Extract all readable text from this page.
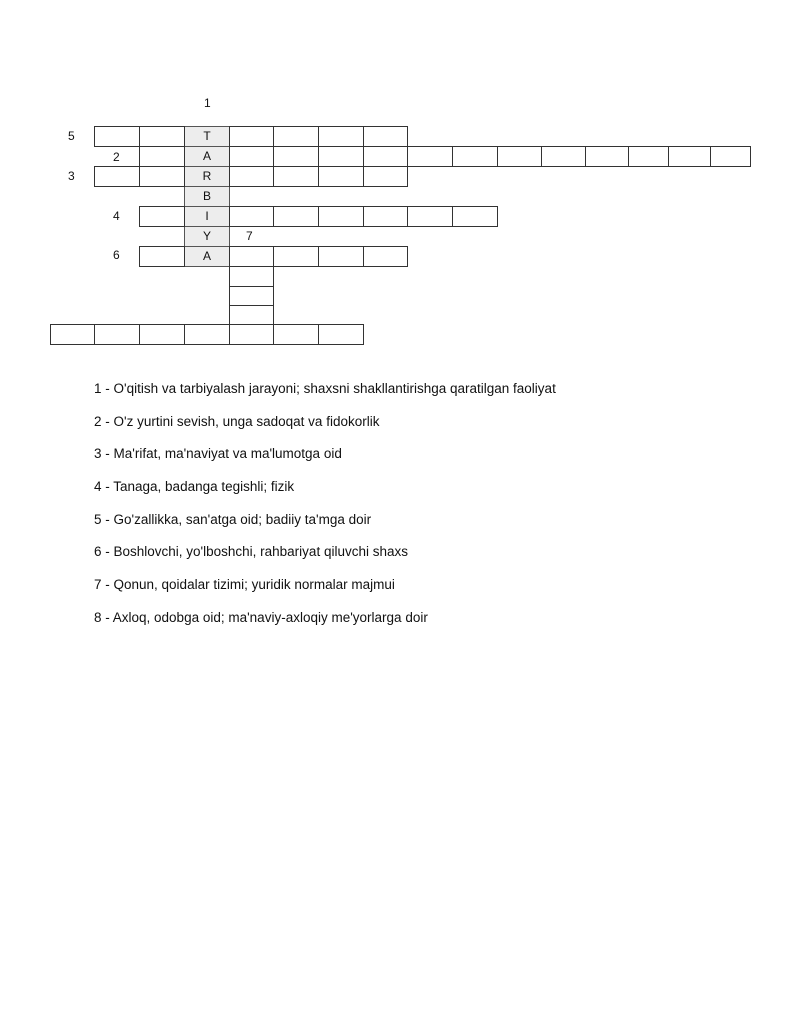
1
5
2
3
4
7
6
T
A
R
B
I
Y
A
1 - O'qitish va tarbiyalash jarayoni; shaxsni shakllantirishga qaratilgan faoliyat
2 - O'z yurtini sevish, unga sadoqat va fidokorlik
3 - Ma'rifat, ma'naviyat va ma'lumotga oid
4 - Tanaga, badanga tegishli; fizik
5 - Go'zallikka, san'atga oid; badiiy ta'mga doir
6 - Boshlovchi, yo'lboshchi, rahbariyat qiluvchi shaxs
7 - Qonun, qoidalar tizimi; yuridik normalar majmui
8 - Axloq, odobga oid; ma'naviy-axloqiy me'yorlarga doir
